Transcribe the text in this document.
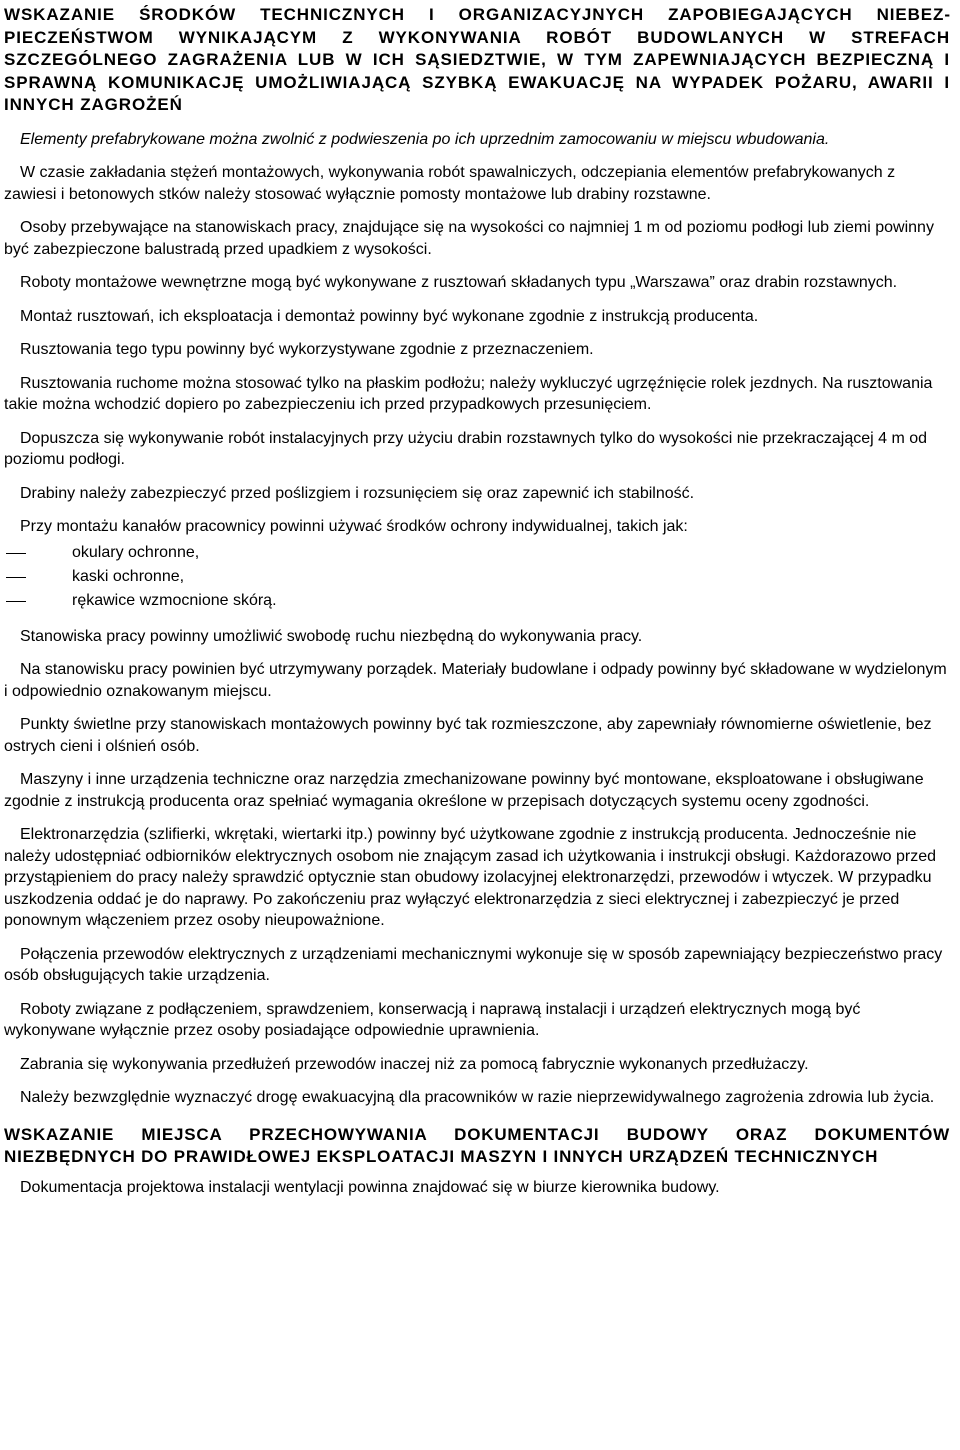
WSKAZANIE ŚRODKÓW TECHNICZNYCH I ORGANIZACYJNYCH ZAPOBIEGAJĄCYCH NIEBEZPIECZEŃSTWOM WYNIKAJĄCYM Z WYKONYWANIA ROBÓT BUDOWLANYCH W STREFACH SZCZEGÓLNEGO ZAGRAŻENIA LUB W ICH SĄSIEDZTWIE, W TYM ZAPEWNIAJĄCYCH BEZPIECZNĄ I SPRAWNĄ KOMUNIKACJĘ UMOŻLIWIAJĄCĄ SZYBKĄ EWAKUACJĘ NA WYPADEK POŻARU, AWARII I INNYCH ZAGROŻEŃ

Elementy prefabrykowane można zwolnić z podwieszenia po ich uprzednim zamocowaniu w miejscu wbudowania.

W czasie zakładania stężeń montażowych, wykonywania robót spawalniczych, odczepiania elementów prefabrykowanych z zawiesi i betonowych stków należy stosować wyłącznie pomosty montażowe lub drabiny rozstawne.

Osoby przebywające na stanowiskach pracy, znajdujące się na wysokości co najmniej 1 m od poziomu podłogi lub ziemi powinny być zabezpieczone balustradą przed upadkiem z wysokości.

Roboty montażowe wewnętrzne mogą być wykonywane z rusztowań składanych typu „Warszawa” oraz drabin rozstawnych.

Montaż rusztowań, ich eksploatacja i demontaż powinny być wykonane zgodnie z instrukcją producenta.

Rusztowania tego typu powinny być wykorzystywane zgodnie z przeznaczeniem.

Rusztowania ruchome można stosować tylko na płaskim podłożu; należy wykluczyć ugrzęźnięcie rolek jezdnych. Na rusztowania takie można wchodzić dopiero po zabezpieczeniu ich przed przypadkowych przesunięciem.

Dopuszcza się wykonywanie robót instalacyjnych przy użyciu drabin rozstawnych tylko do wysokości nie przekraczającej 4 m od poziomu podłogi.

Drabiny należy zabezpieczyć przed poślizgiem i rozsunięciem się oraz zapewnić ich stabilność.

Przy montażu kanałów pracownicy powinni używać środków ochrony indywidualnej, takich jak:

okulary ochronne,
kaski ochronne,
rękawice wzmocnione skórą.

Stanowiska pracy powinny umożliwić swobodę ruchu niezbędną do wykonywania pracy.

Na stanowisku pracy powinien być utrzymywany porządek. Materiały budowlane i odpady powinny być składowane w wydzielonym i odpowiednio oznakowanym miejscu.

Punkty świetlne przy stanowiskach montażowych powinny być tak rozmieszczone, aby zapewniały równomierne oświetlenie, bez ostrych cieni i olśnień osób.

Maszyny i inne urządzenia techniczne oraz narzędzia zmechanizowane powinny być montowane, eksploatowane i obsługiwane zgodnie z instrukcją producenta oraz spełniać wymagania określone w przepisach dotyczących systemu oceny zgodności.

Elektronarzędzia (szlifierki, wkrętaki, wiertarki itp.) powinny być użytkowane zgodnie z instrukcją producenta. Jednocześnie nie należy udostępniać odbiorników elektrycznych osobom nie znającym zasad ich użytkowania i instrukcji obsługi. Każdorazowo przed przystąpieniem do pracy należy sprawdzić optycznie stan obudowy izolacyjnej elektronarzędzi, przewodów i wtyczek. W przypadku uszkodzenia oddać je do naprawy. Po zakończeniu praz wyłączyć elektronarzędzia z sieci elektrycznej i zabezpieczyć je przed ponownym włączeniem przez osoby nieupoważnione.

Połączenia przewodów elektrycznych z urządzeniami mechanicznymi wykonuje się w sposób zapewniający bezpieczeństwo pracy osób obsługujących takie urządzenia.

Roboty związane z podłączeniem, sprawdzeniem, konserwacją i naprawą instalacji i urządzeń elektrycznych mogą być wykonywane wyłącznie przez osoby posiadające odpowiednie uprawnienia.

Zabrania się wykonywania przedłużeń przewodów inaczej niż za pomocą fabrycznie wykonanych przedłużaczy.

Należy bezwzględnie wyznaczyć drogę ewakuacyjną dla pracowników w razie nieprzewidywalnego zagrożenia zdrowia lub życia.

WSKAZANIE MIEJSCA PRZECHOWYWANIA DOKUMENTACJI BUDOWY ORAZ DOKUMENTÓW NIEZBĘDNYCH DO PRAWIDŁOWEJ EKSPLOATACJI MASZYN I INNYCH URZĄDZEŃ TECHNICZNYCH

Dokumentacja projektowa instalacji wentylacji powinna znajdować się w biurze kierownika budowy.
